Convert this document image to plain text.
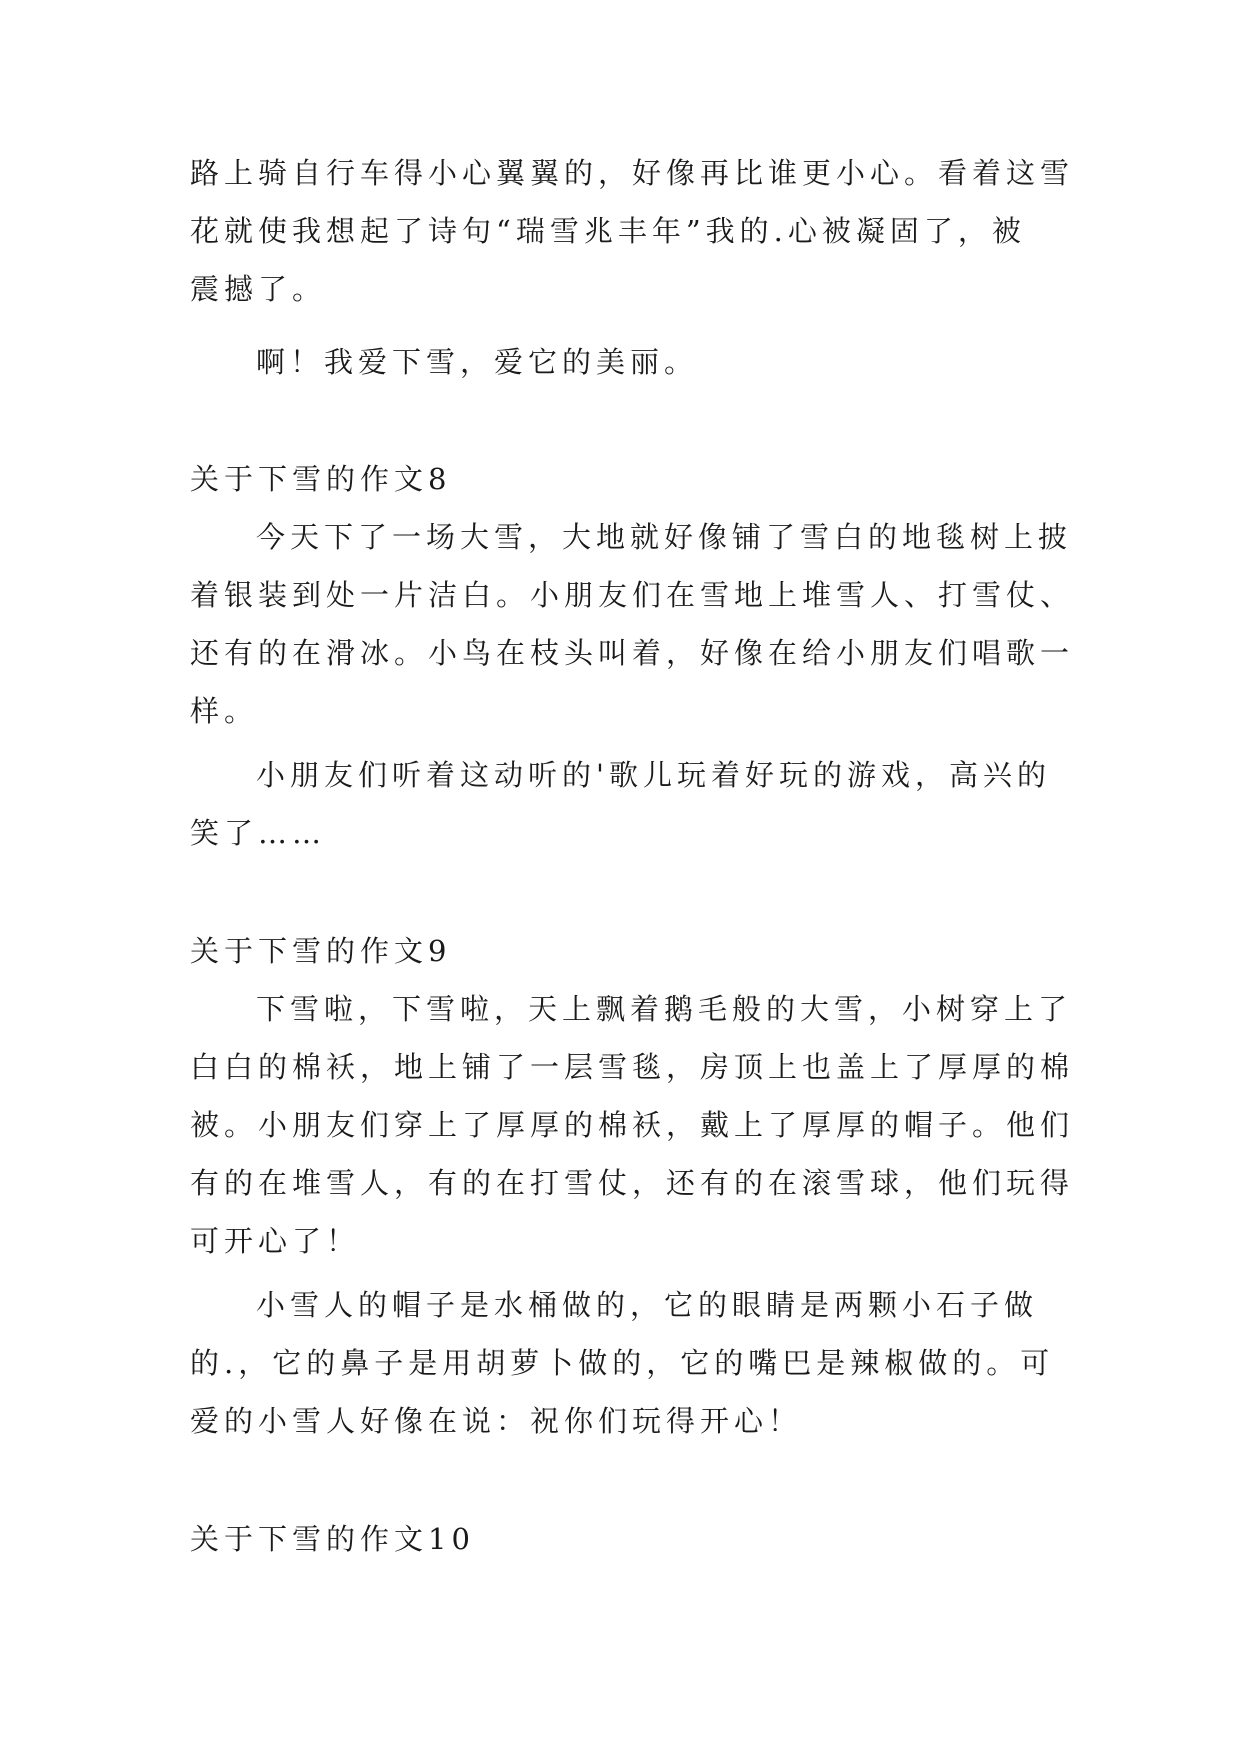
路上骑自行车得小心翼翼的，好像再比谁更小心。看着这雪
花就使我想起了诗句“瑞雪兆丰年”我的.心被凝固了，被
震撼了。
啊！我爱下雪，爱它的美丽。
关于下雪的作文8
今天下了一场大雪，大地就好像铺了雪白的地毯树上披
着银装到处一片洁白。小朋友们在雪地上堆雪人、打雪仗、
还有的在滑冰。小鸟在枝头叫着，好像在给小朋友们唱歌一
样。
小朋友们听着这动听的'歌儿玩着好玩的游戏，高兴的
笑了……
关于下雪的作文9
下雪啦，下雪啦，天上飘着鹅毛般的大雪，小树穿上了
白白的棉袄，地上铺了一层雪毯，房顶上也盖上了厚厚的棉
被。小朋友们穿上了厚厚的棉袄，戴上了厚厚的帽子。他们
有的在堆雪人，有的在打雪仗，还有的在滚雪球，他们玩得
可开心了！
小雪人的帽子是水桶做的，它的眼睛是两颗小石子做
的.，它的鼻子是用胡萝卜做的，它的嘴巴是辣椒做的。可
爱的小雪人好像在说：祝你们玩得开心！
关于下雪的作文10
